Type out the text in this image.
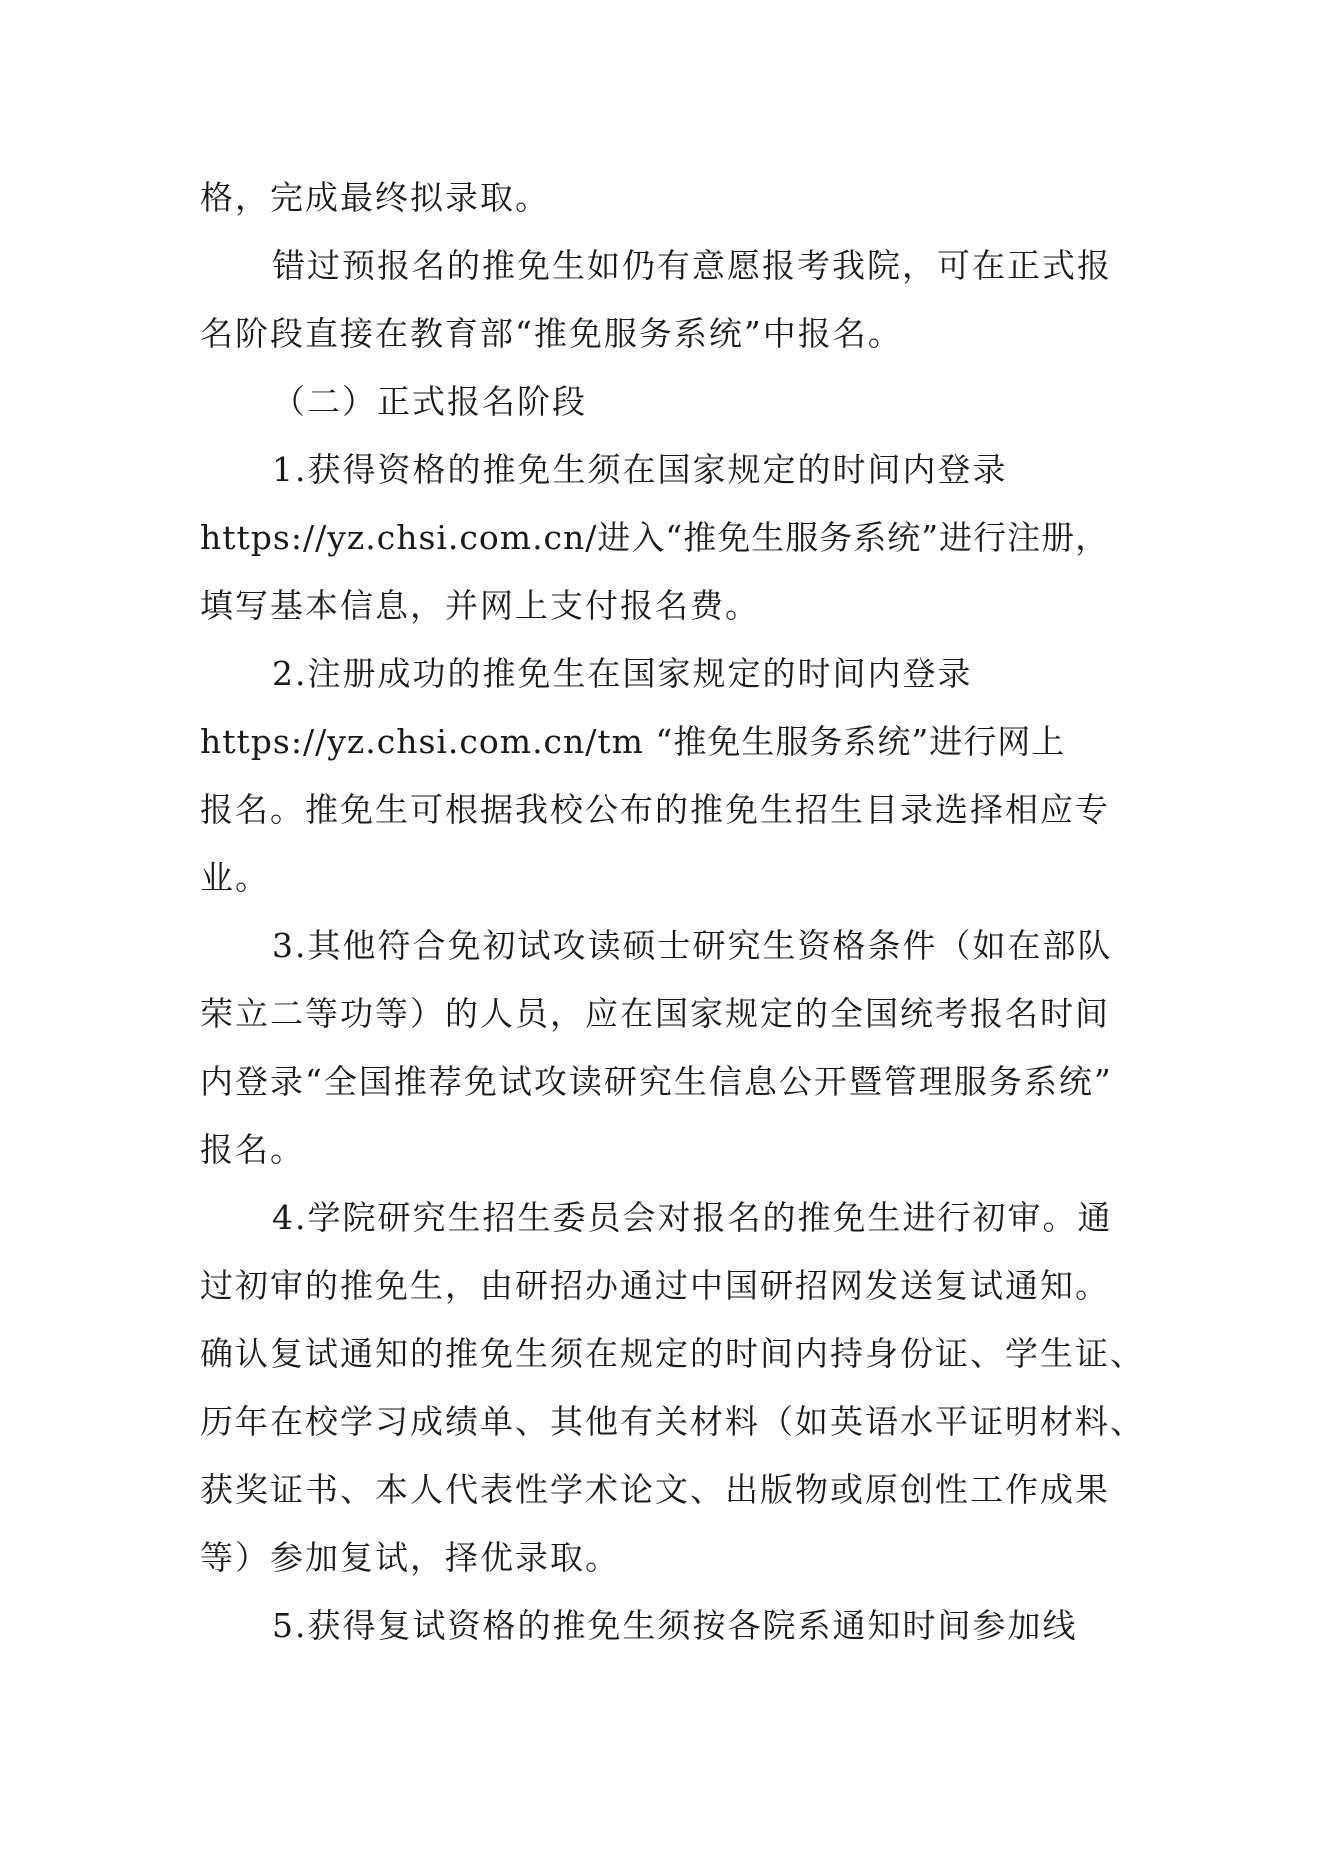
格，完成最终拟录取。
错过预报名的推免生如仍有意愿报考我院，可在正式报
名阶段直接在教育部“推免服务系统”中报名。
（二）正式报名阶段
1.获得资格的推免生须在国家规定的时间内登录
https://yz.chsi.com.cn/进入“推免生服务系统”进行注册，
填写基本信息，并网上支付报名费。
2.注册成功的推免生在国家规定的时间内登录
https://yz.chsi.com.cn/tm “推免生服务系统”进行网上
报名。推免生可根据我校公布的推免生招生目录选择相应专
业。
3.其他符合免初试攻读硕士研究生资格条件（如在部队
荣立二等功等）的人员，应在国家规定的全国统考报名时间
内登录“全国推荐免试攻读研究生信息公开暨管理服务系统”
报名。
4.学院研究生招生委员会对报名的推免生进行初审。通
过初审的推免生，由研招办通过中国研招网发送复试通知。
确认复试通知的推免生须在规定的时间内持身份证、学生证、
历年在校学习成绩单、其他有关材料（如英语水平证明材料、
获奖证书、本人代表性学术论文、出版物或原创性工作成果
等）参加复试，择优录取。
5.获得复试资格的推免生须按各院系通知时间参加线
